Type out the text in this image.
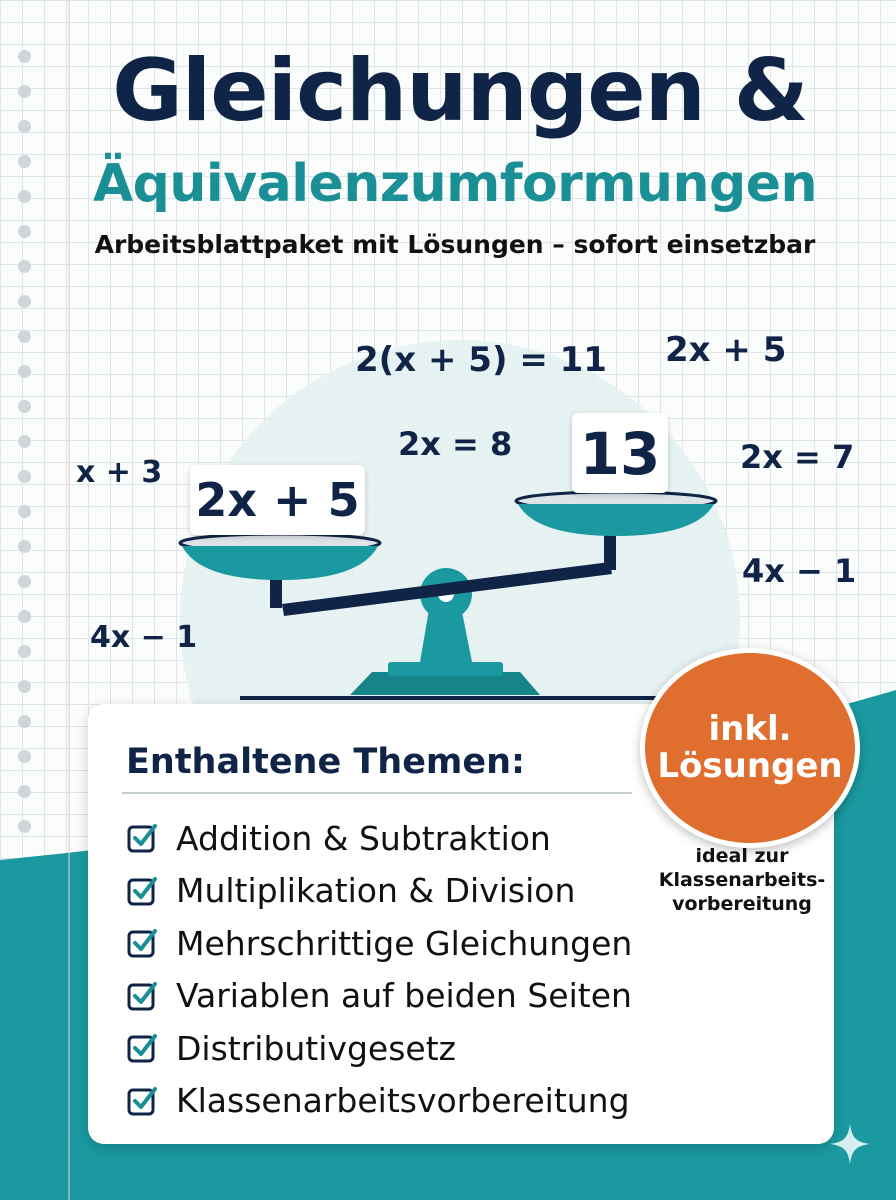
Gleichungen &
Äquivalenzumformungen
Arbeitsblattpaket mit Lösungen – sofort einsetzbar
2(x + 5) = 11 2x + 5
2x = 8	2x = 7
x + 3
4x − 1
4x − 1
2x + 5
13
Enthaltene Themen:
Addition & Subtraktion
Multiplikation & Division
Mehrschrittige Gleichungen
Variablen auf beiden Seiten
Distributivgesetz
Klassenarbeitsvorbereitung
inkl.
Lösungen
ideal zur
Klassenarbeits-
vorbereitung
